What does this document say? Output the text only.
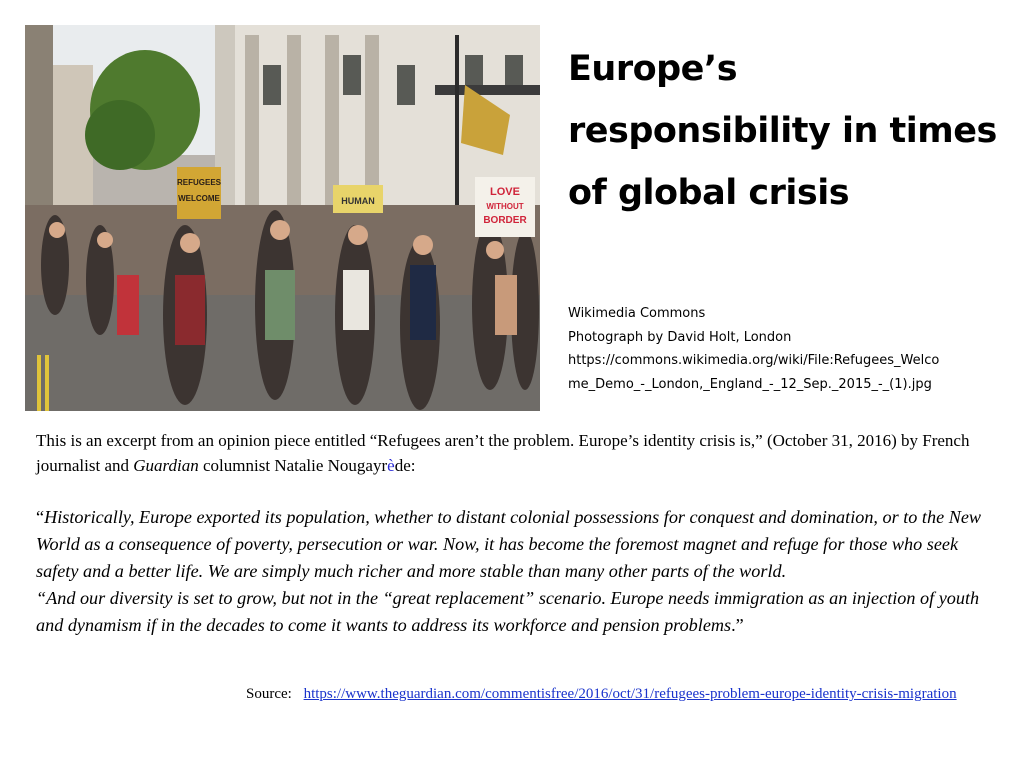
REFUGEES
WELCOME	HUMAN
LOVE
WITHOUT
BORDER
Europe’s
responsibility in times
of global crisis
Wikimedia Commons
Photograph by David Holt, London
https://commons.wikimedia.org/wiki/File:Refugees_Welco
me_Demo_-_London,_England_-_12_Sep._2015_-_(1).jpg
This is an excerpt from an opinion piece entitled “Refugees aren’t the problem. Europe’s identity crisis is,” (October 31, 2016) by French journalist and Guardian columnist Natalie Nougayrède:

“Historically, Europe exported its population, whether to distant colonial possessions for conquest and domination, or to the New World as a consequence of poverty, persecution or war. Now, it has become the foremost magnet and refuge for those who seek safety and a better life. We are simply much richer and more stable than many other parts of the world.

“And our diversity is set to grow, but not in the “great replacement” scenario. Europe needs immigration as an injection of youth and dynamism if in the decades to come it wants to address its workforce and pension problems.”

Source: https://www.theguardian.com/commentisfree/2016/oct/31/refugees-problem-europe-identity-crisis-migration
